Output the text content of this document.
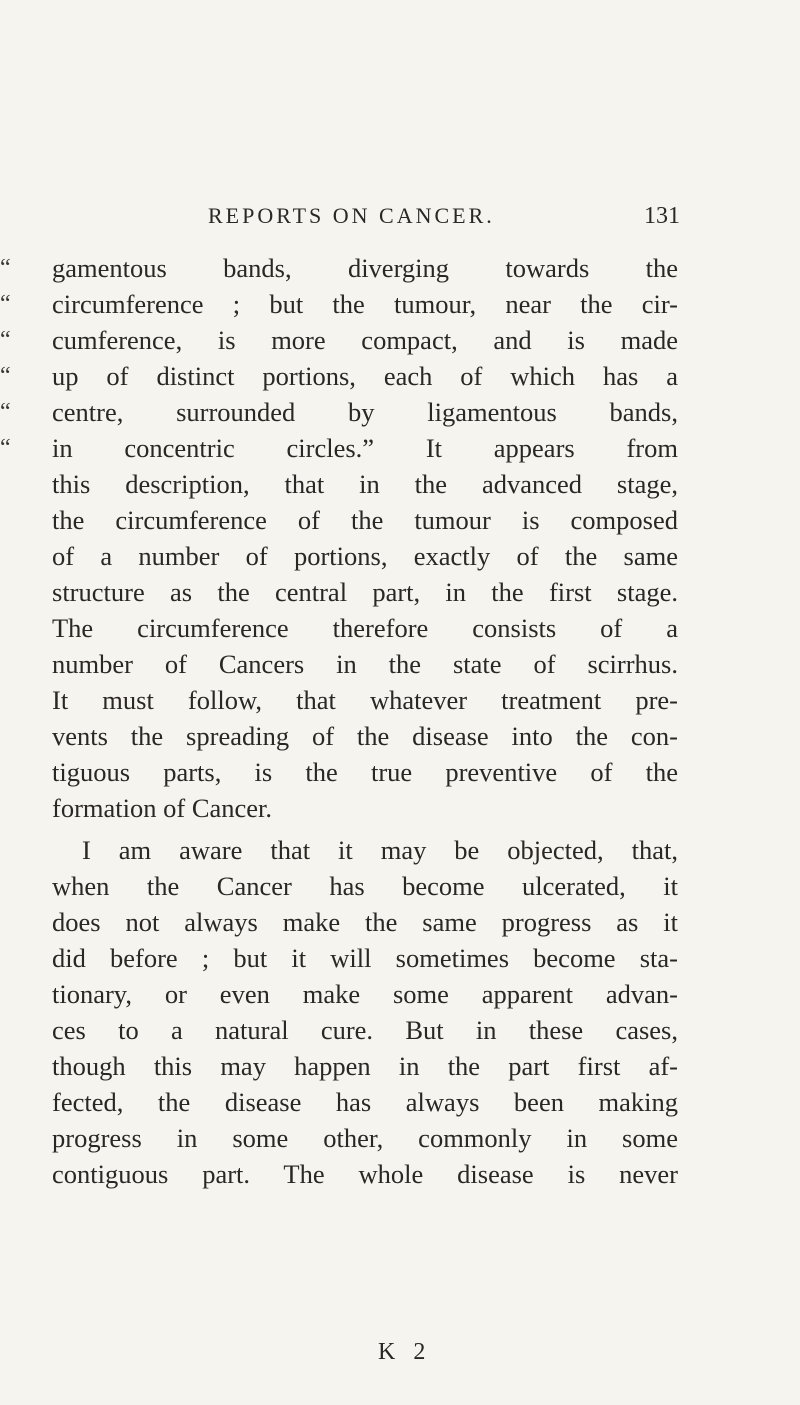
REPORTS ON CANCER.	131
“	gamentous bands, diverging towards the
“	circumference ; but the tumour, near the cir-
“	cumference, is more compact, and is made
“	up of distinct portions, each of which has a
“	centre, surrounded by ligamentous bands,
“	in concentric circles.” It appears from
this description, that in the advanced stage,
the circumference of the tumour is composed
of a number of portions, exactly of the same
structure as the central part, in the first stage.
The circumference therefore consists of a
number of Cancers in the state of scirrhus.
It must follow, that whatever treatment pre-
vents the spreading of the disease into the con-
tiguous parts, is the true preventive of the
formation of Cancer.
I am aware that it may be objected, that,
when the Cancer has become ulcerated, it
does not always make the same progress as it
did before ; but it will sometimes become sta-
tionary, or even make some apparent advan-
ces to a natural cure. But in these cases,
though this may happen in the part first af-
fected, the disease has always been making
progress in some other, commonly in some
contiguous part. The whole disease is never
K 2
